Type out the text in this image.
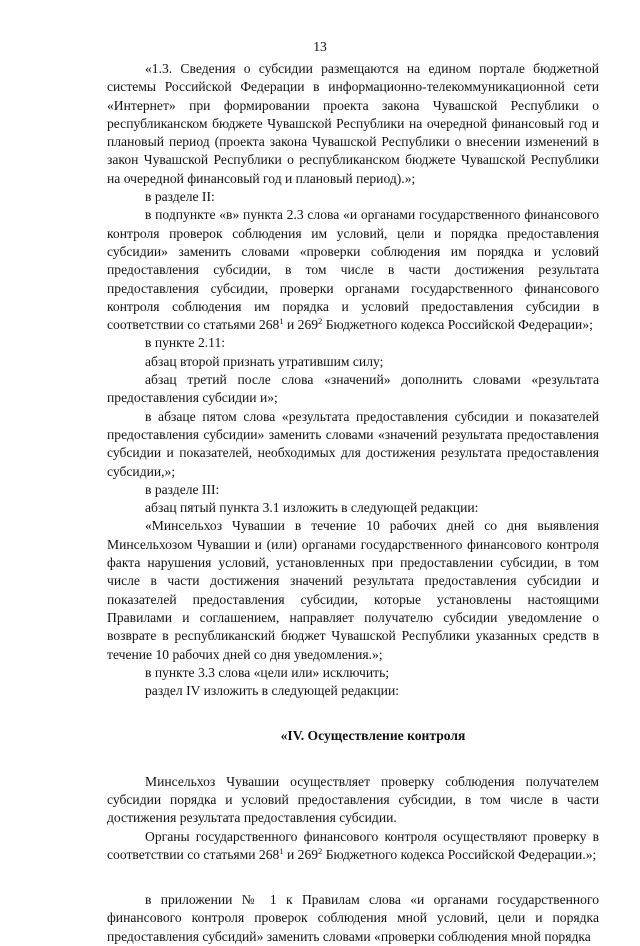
13

«1.3. Сведения о субсидии размещаются на едином портале бюджетной системы Российской Федерации в информационно-телекоммуникационной сети «Интернет» при формировании проекта закона Чувашской Республики о республиканском бюджете Чувашской Республики на очередной финансовый год и плановый период (проекта закона Чувашской Республики о внесении изменений в закон Чувашской Республики о республиканском бюджете Чувашской Республики на очередной финансовый год и плановый период).»;

в разделе II:

в подпункте «в» пункта 2.3 слова «и органами государственного финансового контроля проверок соблюдения им условий, цели и порядка предоставления субсидии» заменить словами «проверки соблюдения им порядка и условий предоставления субсидии, в том числе в части достижения результата предоставления субсидии, проверки органами государственного финансового контроля соблюдения им порядка и условий предоставления субсидии в соответствии со статьями $268^1$ и $269^2$ Бюджетного кодекса Российской Федерации»;

в пункте 2.11:

абзац второй признать утратившим силу;

абзац третий после слова «значений» дополнить словами «результата предоставления субсидии и»;

в абзаце пятом слова «результата предоставления субсидии и показателей предоставления субсидии» заменить словами «значений результата предоставления субсидии и показателей, необходимых для достижения результата предоставления субсидии,»;

в разделе III:

абзац пятый пункта 3.1 изложить в следующей редакции:

«Минсельхоз Чувашии в течение 10 рабочих дней со дня выявления Минсельхозом Чувашии и (или) органами государственного финансового контроля факта нарушения условий, установленных при предоставлении субсидии, в том числе в части достижения значений результата предоставления субсидии и показателей предоставления субсидии, которые установлены настоящими Правилами и соглашением, направляет получателю субсидии уведомление о возврате в республиканский бюджет Чувашской Республики указанных средств в течение 10 рабочих дней со дня уведомления.»;

в пункте 3.3 слова «цели или» исключить;

раздел IV изложить в следующей редакции:

«IV. Осуществление контроля

Минсельхоз Чувашии осуществляет проверку соблюдения получателем субсидии порядка и условий предоставления субсидии, в том числе в части достижения результата предоставления субсидии.

Органы государственного финансового контроля осуществляют проверку в соответствии со статьями $268^1$ и $269^2$ Бюджетного кодекса Российской Федерации.»;

в приложении № 1 к Правилам слова «и органами государственного финансового контроля проверок соблюдения мной условий, цели и порядка предоставления субсидий» заменить словами «проверки соблюдения мной порядка
